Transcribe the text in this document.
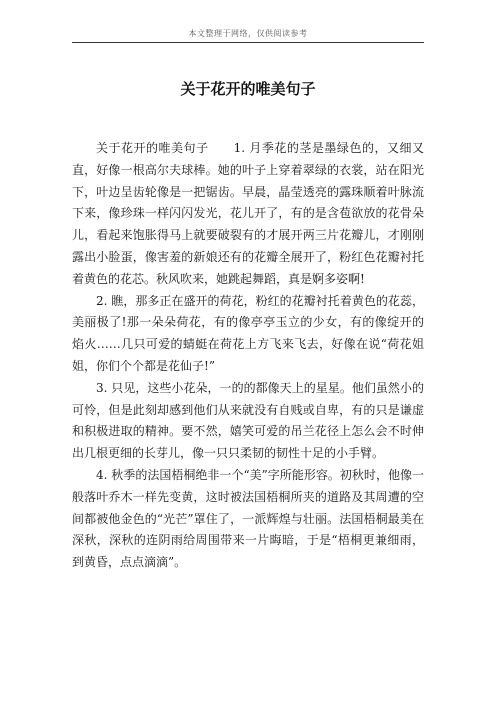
本文整理于网络，仅供阅读参考
关于花开的唯美句子

关于花开的唯美句子　　1. 月季花的茎是墨绿色的，又细又直，好像一根高尔夫球棒。她的叶子上穿着翠绿的衣裳，站在阳光下，叶边呈齿轮像是一把锯齿。早晨，晶莹透亮的露珠顺着叶脉流下来，像珍珠一样闪闪发光，花儿开了，有的是含苞欲放的花骨朵儿，看起来饱胀得马上就要破裂有的才展开两三片花瓣儿，才刚刚露出小脸蛋，像害羞的新娘还有的花瓣全展开了，粉红色花瓣衬托着黄色的花芯。秋风吹来，她跳起舞蹈，真是婀多姿啊!

2. 瞧，那多正在盛开的荷花，粉红的花瓣衬托着黄色的花蕊，美丽极了!那一朵朵荷花，有的像亭亭玉立的少女，有的像绽开的焰火……几只可爱的蜻蜓在荷花上方飞来飞去，好像在说“荷花姐姐，你们个个都是花仙子!”

3. 只见，这些小花朵，一的的都像天上的星星。他们虽然小的可怜，但是此刻却感到他们从来就没有自贱或自卑，有的只是谦虚和积极进取的精神。要不然，嬉笑可爱的吊兰花径上怎么会不时伸出几根更细的长芽儿，像一只只柔韧的韧性十足的小手臂。

4. 秋季的法国梧桐绝非一个“美”字所能形容。初秋时，他像一般落叶乔木一样先变黄，这时被法国梧桐所夹的道路及其周遭的空间都被他金色的“光芒”罩住了，一派辉煌与壮丽。法国梧桐最美在深秋，深秋的连阴雨给周围带来一片晦暗，于是“梧桐更兼细雨，到黄昏，点点滴滴”。
